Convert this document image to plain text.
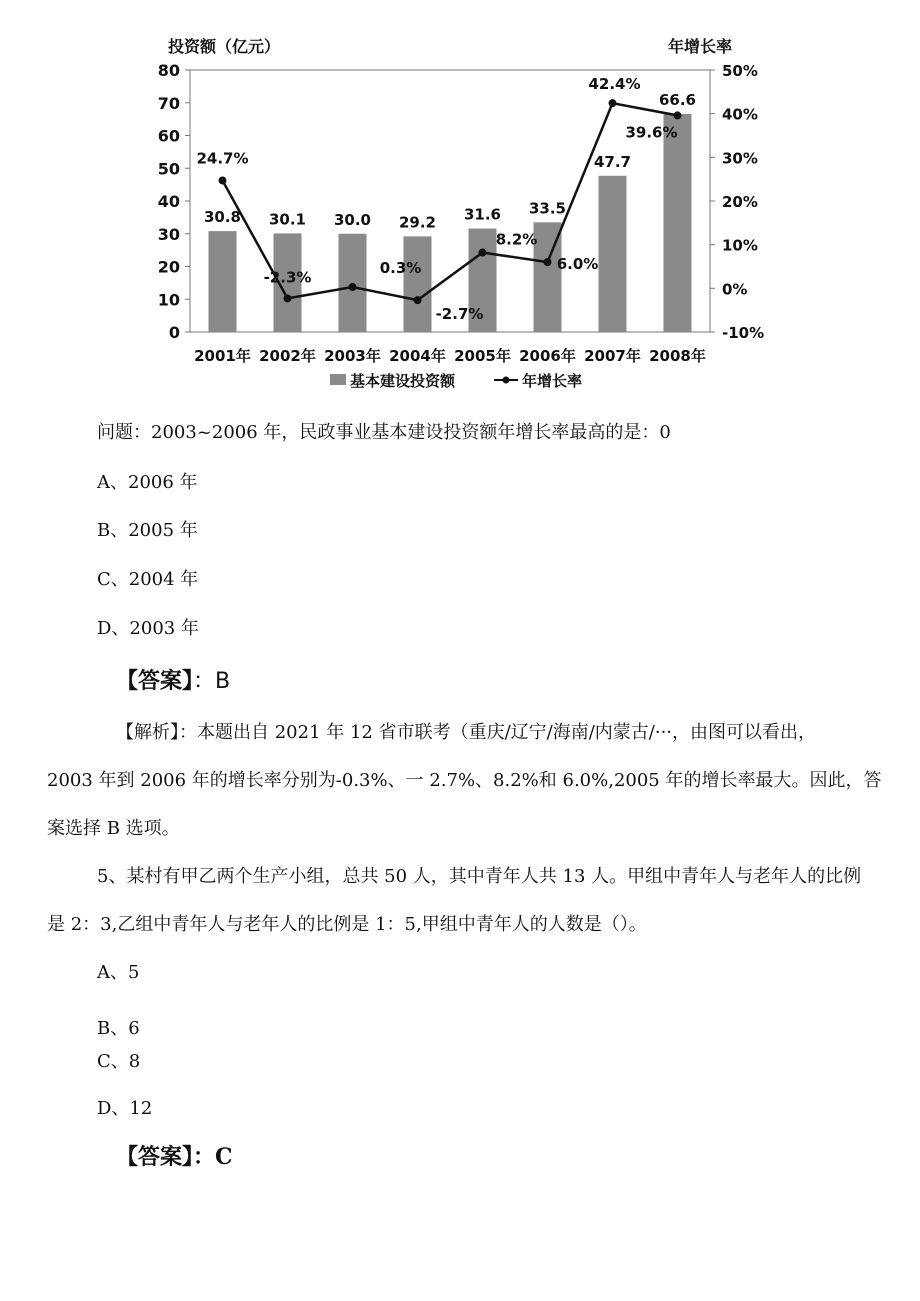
投资额（亿元）	年增长率
0
10
20
30
40
50
60
70
80
-10%
0%
10%
20%
30%
40%
50%
30.8
2001年
30.1
2002年
30.0
2003年
29.2
2004年
31.6
2005年
33.5
2006年
47.7
2007年
66.6
2008年
24.7%
-2.3%
0.3%
-2.7%
8.2%
6.0%
42.4%
39.6%
基本建设投资额	年增长率
问题：2003~2006 年，民政事业基本建设投资额年增长率最高的是：0
A、2006 年
B、2005 年
C、2004 年
D、2003 年
【答案】：B
【解析】：本题出自 2021 年 12 省市联考（重庆/辽宁/海南/内蒙古/···，由图可以看出，
2003 年到 2006 年的增长率分别为-0.3%、一 2.7%、8.2%和 6.0%,2005 年的增长率最大。因此，答
案选择 B 选项。
5、某村有甲乙两个生产小组，总共 50 人，其中青年人共 13 人。甲组中青年人与老年人的比例
是 2：3,乙组中青年人与老年人的比例是 1：5,甲组中青年人的人数是（）。
A、5
B、6
C、8
D、12
【答案】：C
